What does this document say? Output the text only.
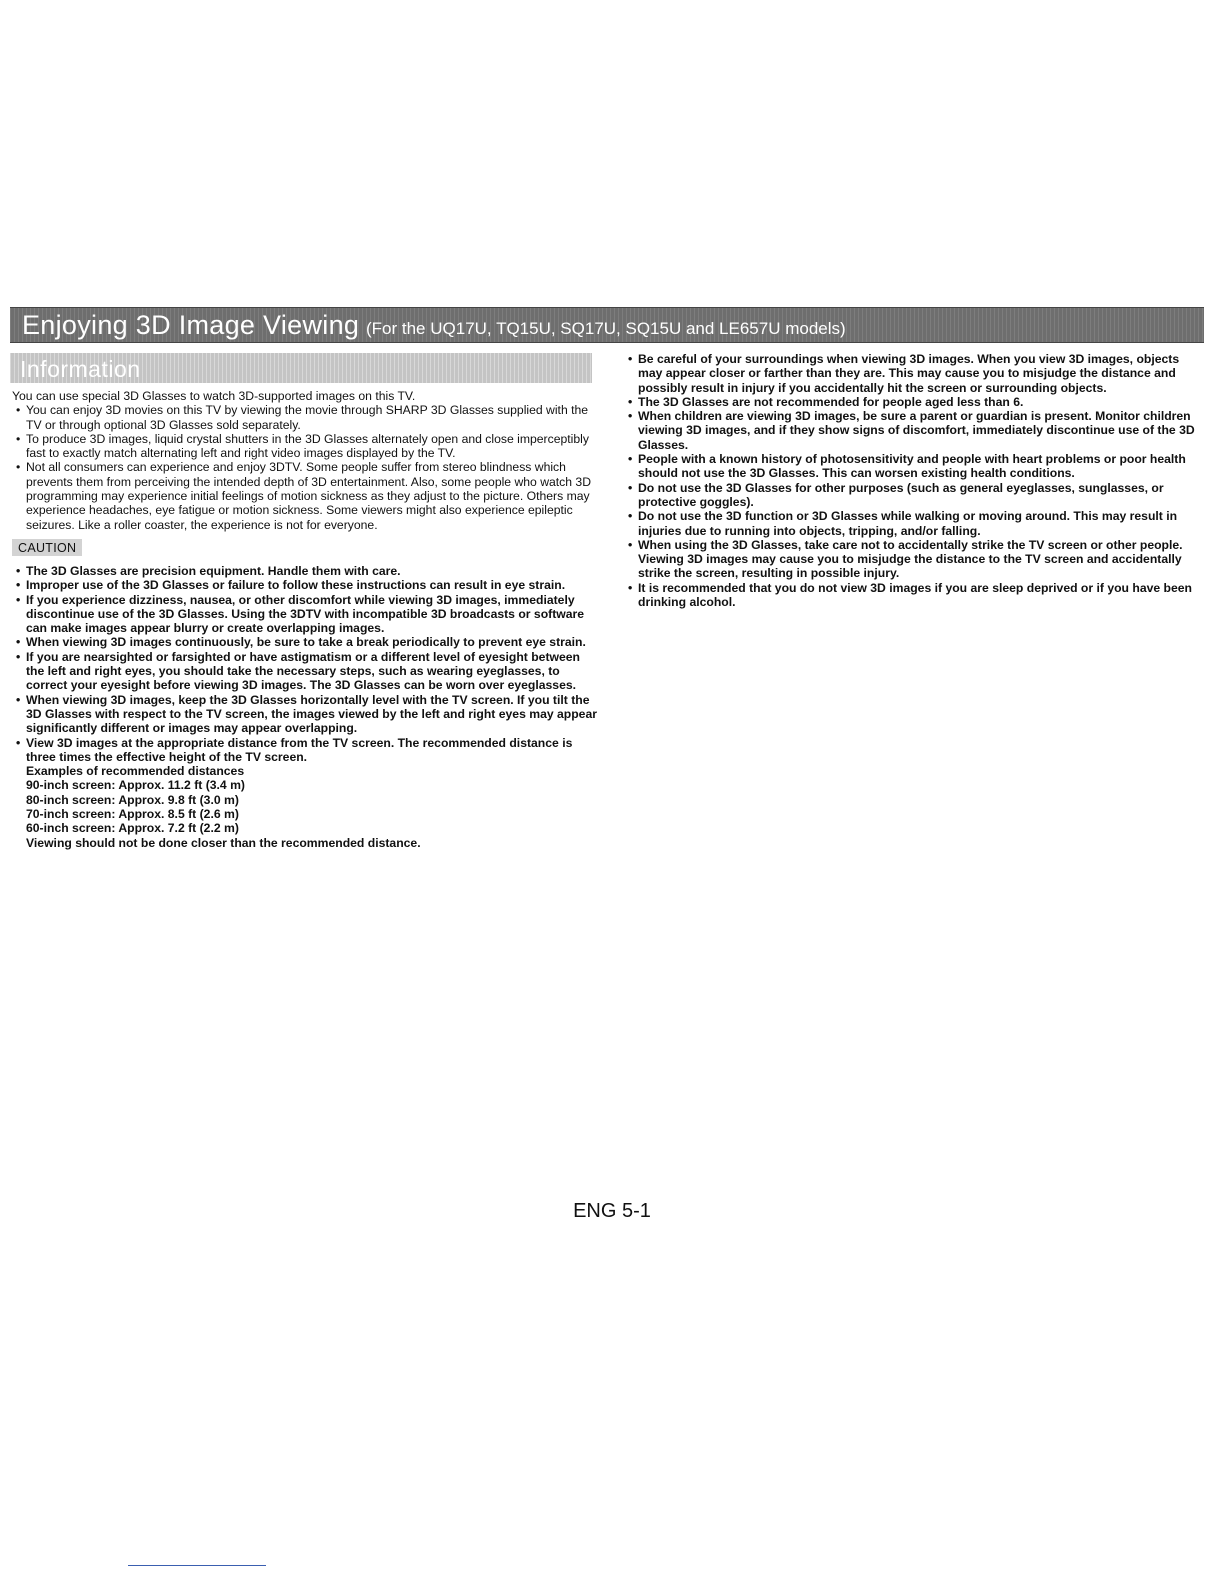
Enjoying 3D Image Viewing (For the UQ17U, TQ15U, SQ17U, SQ15U and LE657U models)
Information

You can use special 3D Glasses to watch 3D-supported images on this TV.

• You can enjoy 3D movies on this TV by viewing the movie through SHARP 3D Glasses supplied with the TV or through optional 3D Glasses sold separately.
• To produce 3D images, liquid crystal shutters in the 3D Glasses alternately open and close imperceptibly fast to exactly match alternating left and right video images displayed by the TV.
• Not all consumers can experience and enjoy 3DTV. Some people suffer from stereo blindness which prevents them from perceiving the intended depth of 3D entertainment. Also, some people who watch 3D programming may experience initial feelings of motion sickness as they adjust to the picture. Others may experience headaches, eye fatigue or motion sickness. Some viewers might also experience epileptic seizures. Like a roller coaster, the experience is not for everyone.
CAUTION
• The 3D Glasses are precision equipment. Handle them with care.
• Improper use of the 3D Glasses or failure to follow these instructions can result in eye strain.
• If you experience dizziness, nausea, or other discomfort while viewing 3D images, immediately discontinue use of the 3D Glasses. Using the 3DTV with incompatible 3D broadcasts or software can make images appear blurry or create overlapping images.
• When viewing 3D images continuously, be sure to take a break periodically to prevent eye strain.
• If you are nearsighted or farsighted or have astigmatism or a different level of eyesight between the left and right eyes, you should take the necessary steps, such as wearing eyeglasses, to correct your eyesight before viewing 3D images. The 3D Glasses can be worn over eyeglasses.
• When viewing 3D images, keep the 3D Glasses horizontally level with the TV screen. If you tilt the 3D Glasses with respect to the TV screen, the images viewed by the left and right eyes may appear significantly different or images may appear overlapping.
• View 3D images at the appropriate distance from the TV screen. The recommended distance is three times the effective height of the TV screen.
Examples of recommended distances
90-inch screen: Approx. 11.2 ft (3.4 m)
80-inch screen: Approx. 9.8 ft (3.0 m)
70-inch screen: Approx. 8.5 ft (2.6 m)
60-inch screen: Approx. 7.2 ft (2.2 m)
Viewing should not be done closer than the recommended distance.
• Be careful of your surroundings when viewing 3D images. When you view 3D images, objects may appear closer or farther than they are. This may cause you to misjudge the distance and possibly result in injury if you accidentally hit the screen or surrounding objects.
• The 3D Glasses are not recommended for people aged less than 6.
• When children are viewing 3D images, be sure a parent or guardian is present. Monitor children viewing 3D images, and if they show signs of discomfort, immediately discontinue use of the 3D Glasses.
• People with a known history of photosensitivity and people with heart problems or poor health should not use the 3D Glasses. This can worsen existing health conditions.
• Do not use the 3D Glasses for other purposes (such as general eyeglasses, sunglasses, or protective goggles).
• Do not use the 3D function or 3D Glasses while walking or moving around. This may result in injuries due to running into objects, tripping, and/or falling.
• When using the 3D Glasses, take care not to accidentally strike the TV screen or other people. Viewing 3D images may cause you to misjudge the distance to the TV screen and accidentally strike the screen, resulting in possible injury.
• It is recommended that you do not view 3D images if you are sleep deprived or if you have been drinking alcohol.
ENG 5-1
